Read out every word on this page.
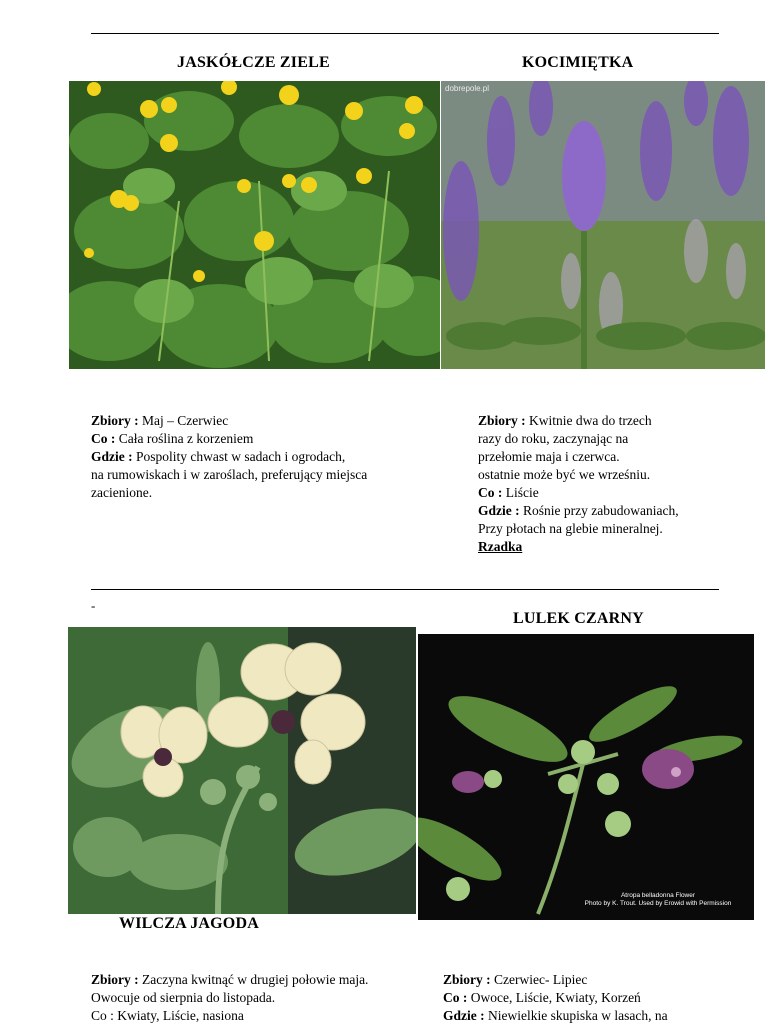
JASKÓŁCZE ZIELE	KOCIMIĘTKA
dobrepole.pl
Zbiory : Maj – Czerwiec
Co : Cała roślina z korzeniem
Gdzie : Pospolity chwast w sadach i ogrodach,
na rumowiskach i w zaroślach, preferujący miejsca
zacienione.
Zbiory : Kwitnie dwa do trzech
razy do roku, zaczynając na
przełomie maja i czerwca.
ostatnie może być we wrześniu.
Co : Liście
Gdzie : Rośnie przy zabudowaniach,
Przy płotach na glebie mineralnej.
Rzadka
-
LULEK CZARNY
Atropa belladonna Flower
Photo by K. Trout. Used by Erowid with Permission
WILCZA JAGODA
Zbiory : Zaczyna kwitnąć w drugiej połowie maja.
Owocuje od sierpnia do listopada.
Co : Kwiaty, Liście, nasiona
Zbiory : Czerwiec- Lipiec
Co : Owoce, Liście, Kwiaty, Korzeń
Gdzie : Niewielkie skupiska w lasach, na
